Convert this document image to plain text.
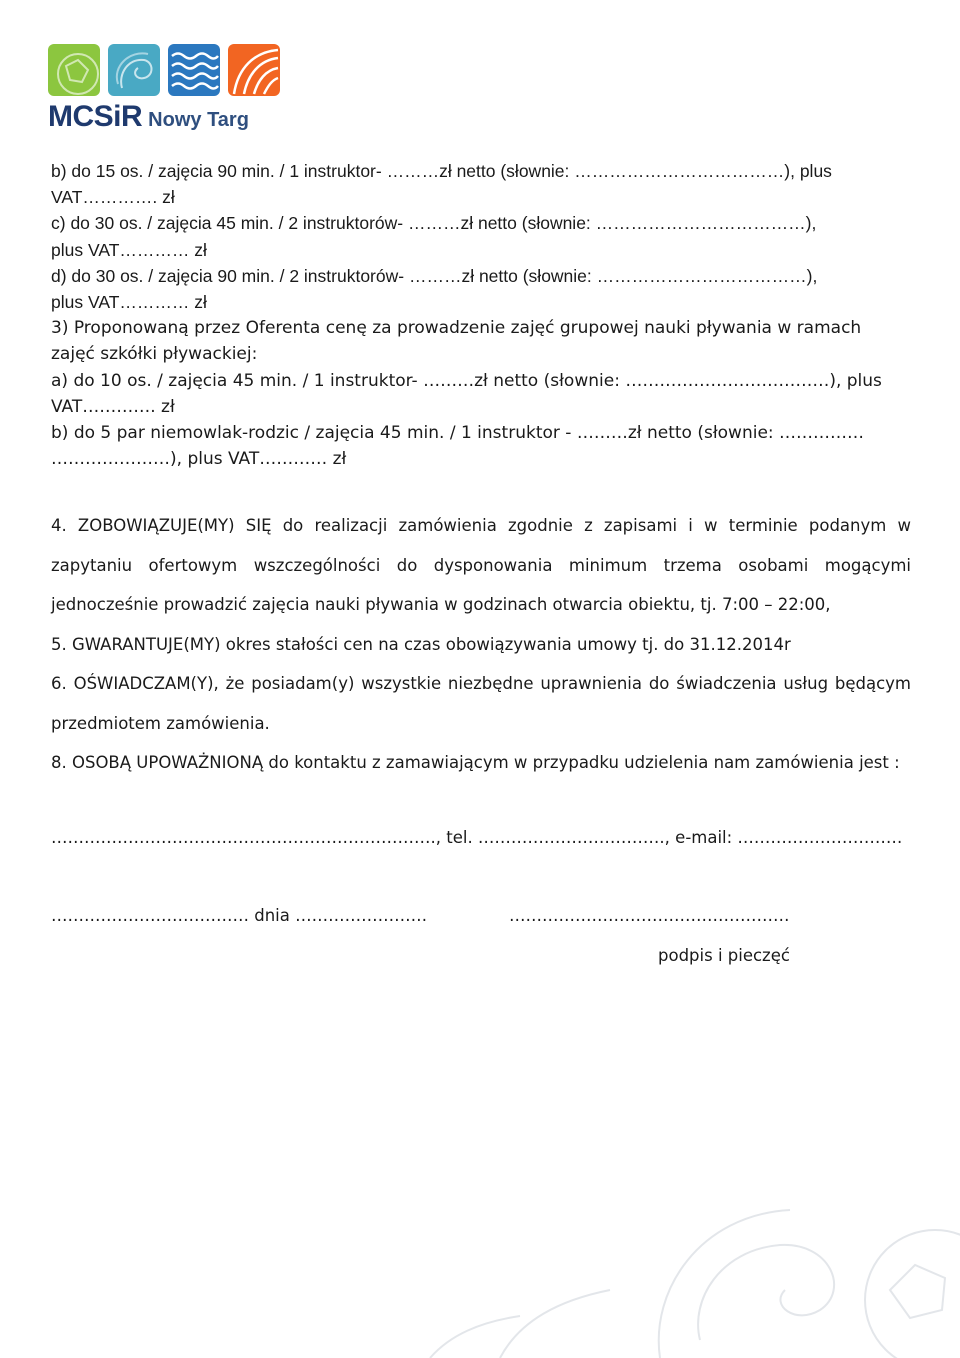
MCSiR Nowy Targ

b) do 15 os. / zajęcia 90 min. / 1 instruktor- ………zł netto (słownie: ………………………………), plus

VAT…………. zł

c) do 30 os. / zajęcia 45 min. / 2 instruktorów- ………zł netto (słownie: ………………………………),

plus VAT………… zł

d) do 30 os. / zajęcia 90 min. / 2 instruktorów- ………zł netto (słownie: ………………………………),

plus VAT………… zł

3) Proponowaną przez Oferenta cenę za prowadzenie zajęć grupowej nauki pływania w ramach

zajęć szkółki pływackiej:

a) do 10 os. / zajęcia 45 min. / 1 instruktor- ………zł netto (słownie: ………………………………), plus

VAT…………. zł

b) do 5 par niemowlak-rodzic / zajęcia 45 min. / 1 instruktor - ………zł netto (słownie: ……………

…………………), plus VAT………… zł

4. ZOBOWIĄZUJE(MY) SIĘ do realizacji zamówienia zgodnie z zapisami i w terminie podanym w zapytaniu ofertowym wszczególności do dysponowania minimum trzema osobami mogącymi jednocześnie prowadzić zajęcia nauki pływania w godzinach otwarcia obiektu, tj. 7:00 – 22:00,

5. GWARANTUJE(MY) okres stałości cen na czas obowiązywania umowy tj. do 31.12.2014r

6. OŚWIADCZAM(Y), że posiadam(y) wszystkie niezbędne uprawnienia do świadczenia usług będącym przedmiotem zamówienia.

8. OSOBĄ UPOWAŻNIONĄ do kontaktu z zamawiającym w przypadku udzielenia nam zamówienia jest :

……………………………………………………………., tel. ……………………………., e-mail: …………………………
……………………………… dnia ……………………	……………………………………………
podpis i pieczęć
